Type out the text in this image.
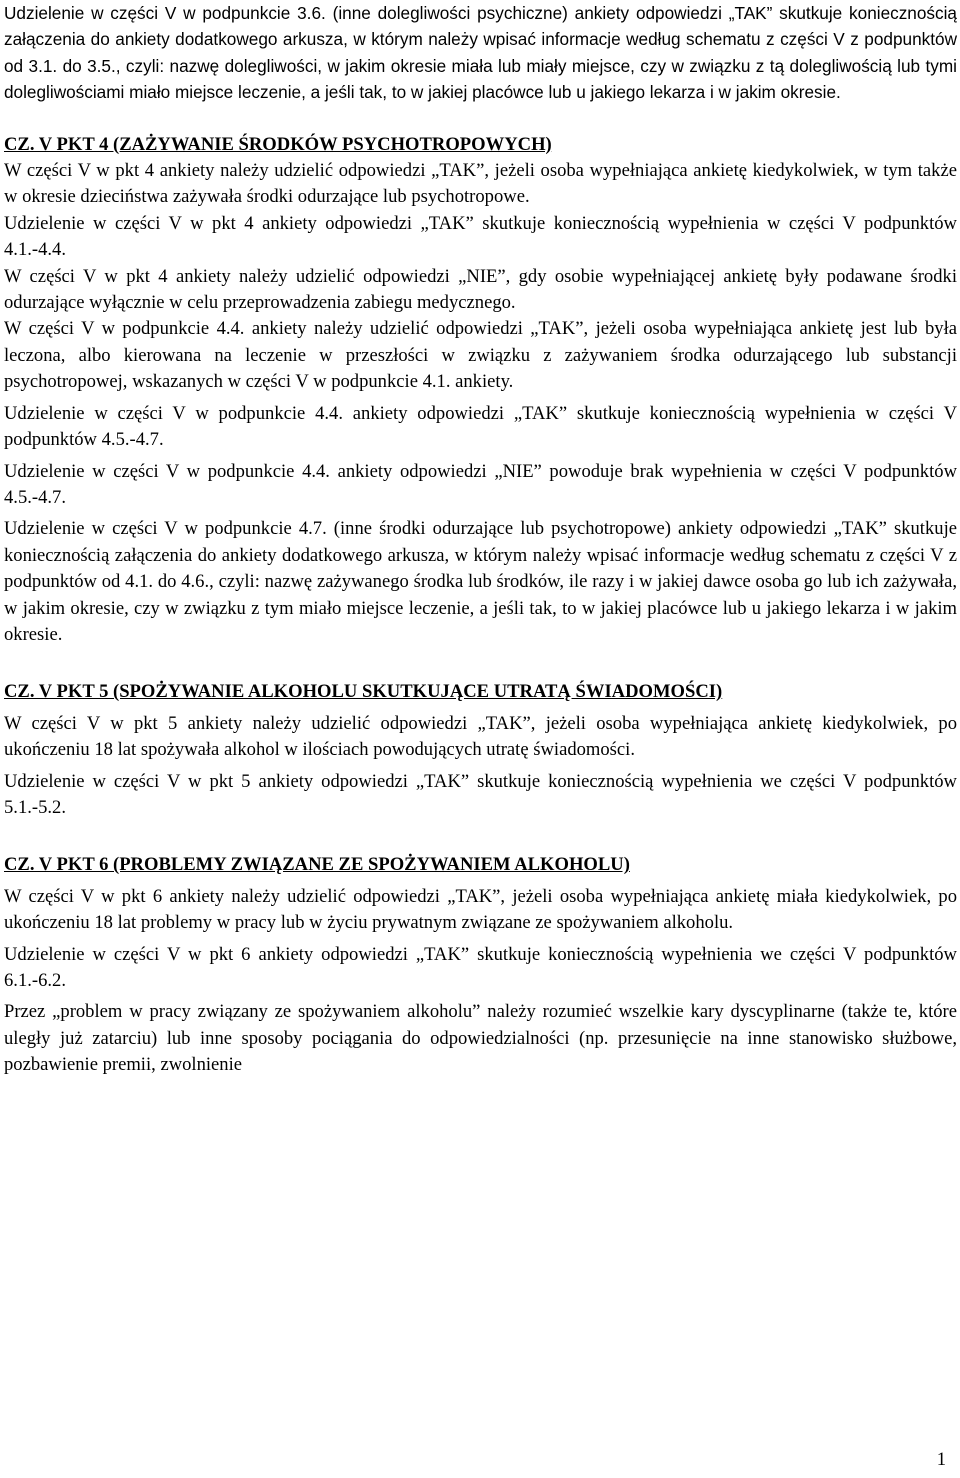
Udzielenie w części V w podpunkcie 3.6. (inne dolegliwości psychiczne) ankiety odpowiedzi „TAK” skutkuje koniecznością załączenia do ankiety dodatkowego arkusza, w którym należy wpisać informacje według schematu z części V z podpunktów od 3.1. do 3.5., czyli: nazwę dolegliwości, w jakim okresie miała lub miały miejsce, czy w związku z tą dolegliwością lub tymi dolegliwościami miało miejsce leczenie, a jeśli tak, to w jakiej placówce lub u jakiego lekarza i w jakim okresie.

CZ. V PKT 4 (ZAŻYWANIE ŚRODKÓW PSYCHOTROPOWYCH)

W części V w pkt 4 ankiety należy udzielić odpowiedzi „TAK”, jeżeli osoba wypełniająca ankietę kiedykolwiek, w tym także w okresie dzieciństwa zażywała środki odurzające lub psychotropowe.

Udzielenie w części V w pkt 4 ankiety odpowiedzi „TAK” skutkuje koniecznością wypełnienia w części V podpunktów 4.1.-4.4.

W części V w pkt 4 ankiety należy udzielić odpowiedzi „NIE”, gdy osobie wypełniającej ankietę były podawane środki odurzające wyłącznie w celu przeprowadzenia zabiegu medycznego.

W części V w podpunkcie 4.4. ankiety należy udzielić odpowiedzi „TAK”, jeżeli osoba wypełniająca ankietę jest lub była leczona, albo kierowana na leczenie w przeszłości w związku z zażywaniem środka odurzającego lub substancji psychotropowej, wskazanych w części V w podpunkcie 4.1. ankiety.

Udzielenie w części V w podpunkcie 4.4. ankiety odpowiedzi „TAK” skutkuje koniecznością wypełnienia w części V podpunktów 4.5.-4.7.

Udzielenie w części V w podpunkcie 4.4. ankiety odpowiedzi „NIE” powoduje brak wypełnienia w części V podpunktów 4.5.-4.7.

Udzielenie w części V w podpunkcie 4.7. (inne środki odurzające lub psychotropowe) ankiety odpowiedzi „TAK” skutkuje koniecznością załączenia do ankiety dodatkowego arkusza, w którym należy wpisać informacje według schematu z części V z podpunktów od 4.1. do 4.6., czyli: nazwę zażywanego środka lub środków, ile razy i w jakiej dawce osoba go lub ich zażywała, w jakim okresie, czy w związku z tym miało miejsce leczenie, a jeśli tak, to w jakiej placówce lub u jakiego lekarza i w jakim okresie.

CZ. V PKT 5 (SPOŻYWANIE ALKOHOLU SKUTKUJĄCE UTRATĄ ŚWIADOMOŚCI)

W części V w pkt 5 ankiety należy udzielić odpowiedzi „TAK”, jeżeli osoba wypełniająca ankietę kiedykolwiek, po ukończeniu 18 lat spożywała alkohol w ilościach powodujących utratę świadomości.

Udzielenie w części V w pkt 5 ankiety odpowiedzi „TAK” skutkuje koniecznością wypełnienia we części V podpunktów 5.1.-5.2.

CZ. V PKT 6 (PROBLEMY ZWIĄZANE ZE SPOŻYWANIEM ALKOHOLU)

W części V w pkt 6 ankiety należy udzielić odpowiedzi „TAK”, jeżeli osoba wypełniająca ankietę miała kiedykolwiek, po ukończeniu 18 lat problemy w pracy lub w życiu prywatnym związane ze spożywaniem alkoholu.

Udzielenie w części V w pkt 6 ankiety odpowiedzi „TAK” skutkuje koniecznością wypełnienia we części V podpunktów 6.1.-6.2.

Przez „problem w pracy związany ze spożywaniem alkoholu” należy rozumieć wszelkie kary dyscyplinarne (także te, które uległy już zatarciu) lub inne sposoby pociągania do odpowiedzialności (np. przesunięcie na inne stanowisko służbowe, pozbawienie premii, zwolnienie

1
